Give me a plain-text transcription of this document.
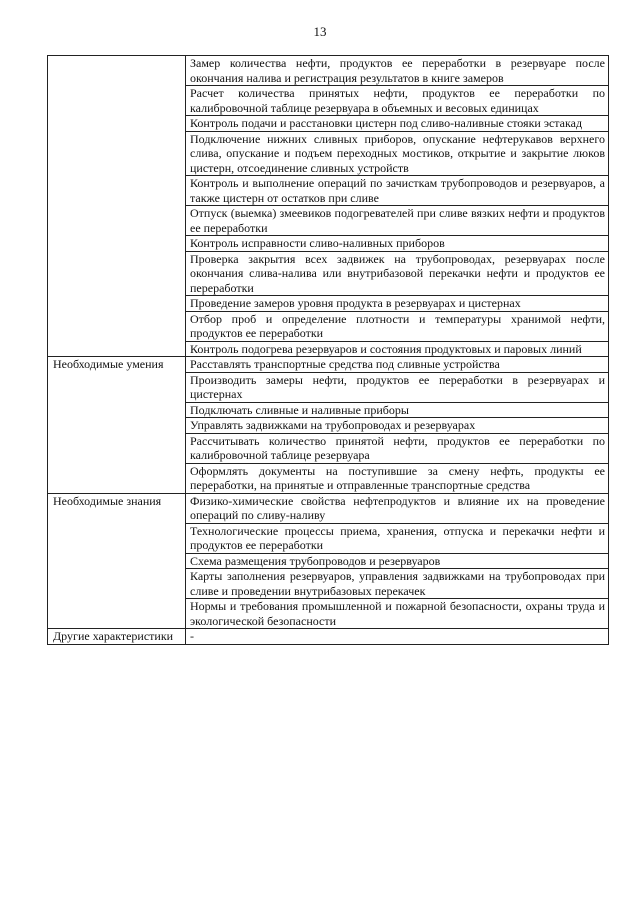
13
	Замер количества нефти, продуктов ее переработки в резервуаре после окончания налива и регистрация результатов в книге замеров
	Расчет количества принятых нефти, продуктов ее переработки по калибровочной таблице резервуара в объемных и весовых единицах
	Контроль подачи и расстановки цистерн под сливо-наливные стояки эстакад
	Подключение нижних сливных приборов, опускание нефтерукавов верхнего слива, опускание и подъем переходных мостиков, открытие и закрытие люков цистерн, отсоединение сливных устройств
	Контроль и выполнение операций по зачисткам трубопроводов и резервуаров, а также цистерн от остатков при сливе
	Отпуск (выемка) змеевиков подогревателей при сливе вязких нефти и продуктов ее переработки
	Контроль исправности сливо-наливных приборов
	Проверка закрытия всех задвижек на трубопроводах, резервуарах после окончания слива-налива или внутрибазовой перекачки нефти и продуктов ее переработки
	Проведение замеров уровня продукта в резервуарах и цистернах
	Отбор проб и определение плотности и температуры хранимой нефти, продуктов ее переработки
	Контроль подогрева резервуаров и состояния продуктовых и паровых линий
Необходимые умения	Расставлять транспортные средства под сливные устройства
	Производить замеры нефти, продуктов ее переработки в резервуарах и цистернах
	Подключать сливные и наливные приборы
	Управлять задвижками на трубопроводах и резервуарах
	Рассчитывать количество принятой нефти, продуктов ее переработки по калибровочной таблице резервуара
	Оформлять документы на поступившие за смену нефть, продукты ее переработки, на принятые и отправленные транспортные средства
Необходимые знания	Физико-химические свойства нефтепродуктов и влияние их на проведение операций по сливу-наливу
	Технологические процессы приема, хранения, отпуска и перекачки нефти и продуктов ее переработки
	Схема размещения трубопроводов и резервуаров
	Карты заполнения резервуаров, управления задвижками на трубопроводах при сливе и проведении внутрибазовых перекачек
	Нормы и требования промышленной и пожарной безопасности, охраны труда и экологической безопасности
Другие характеристики	-
